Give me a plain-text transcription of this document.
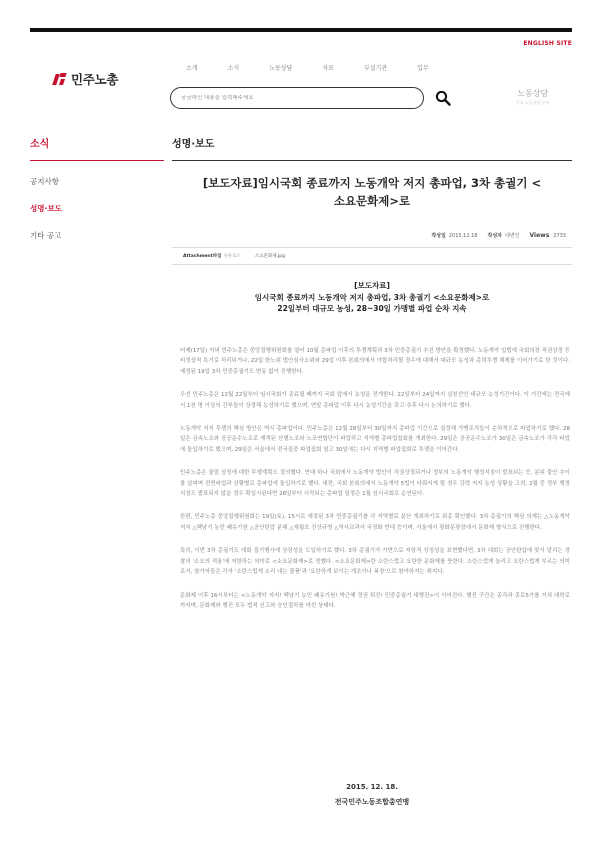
ENGLISH SITE
민주노총
소개	소식	노동상담	자료	부설기관	입무
궁금하신 내용을 입력해주세요
노동상담
무료 노동상담 문의
소식
공지사항
성명·보도
기타 공고
성명·보도
[보도자료]임시국회 종료까지 노동개악 저지 총파업, 3차 총궐기 <
소요문화제>로
작성일 2015.12.18 작성자 대변인 Views 2733
Attachment파일 다운로드	소요문화제.jpg
[보도자료]
임시국회 종료까지 노동개악 저지 총파업, 3차 총궐기 <소요문화제>로
22일부터 대규모 농성, 28~30일 가맹별 파업 순차 지속

어제(17일) 저녁 민주노총은 중앙집행위원회를 열어 10월 총파업 이후의 투쟁계획과 3차 민중총궐기 추진 방안을 확정했다. 노동개악 입법에 국회의장 직권상정 등 비정상적 특기로 처리되거나, 22일 한노위 법안심사소위와 29일 이후 본회의에서 야합처리될 경우에 대해서 대규모 농성과 총력투쟁 체제를 이어가기로 한 것이다. 예정된 19일 3차 민중총궐기도 변동 없이 진행한다.

우선 민주노총은 12월 22일부터 임시국회가 종료될 때까지 국회 앞에서 농성을 전개한다. 22일부터 24일까지 실천선언 대규모 농성기간이다. 이 기간에는 전국에서 1천 명 이상의 간부들이 상경해 농성하기로 했으며, 연말 총파업 이후 다시 농성기간을 갖고 추후 다시 논의하기로 했다.

노동개악 저지 투쟁의 핵심 방안은 역시 총파업이다. 민주노총은 12월 28일부터 30일까지 총파업 기간으로 설정해 가맹조직들이 순차적으로 파업하기로 했다. 28일은 금속노조와 공공운수노조로 재적된 산별노조와 노조연합단이 파업하고 지역별 총파업집회를 개최한다. 29일은 공공운수노조가 30일은 금속노조가 각각 파업에 돌입하기로 했으며, 29일은 서울에서 전국집중 파업집회 열고 30일에는 다시 지역별 파업집회로 투쟁을 이어간다.

민주노총은 물밑 상정에 대한 투쟁계획도 결의했다. 반대 하나 국회에서 노동개악 법안이 직권상정되거나 정부의 노동개악 행정지침이 발표되는 등, 분위 불안 추이를 살피며 전면파업과 상황별로 총파업에 돌입하기로 했다. 대전, 국회 본회의에서 노동개악 5법이 다뤄지게 될 경우 강력 저지 농성 상황을 고려, 2월 중 정부 행정지침도 발표되지 않을 경우 확실시된다면 28일부터 시작되는 총파업 일정은 1월 임시국회로 순연된다.

한편, 민주노총 중앙집행위원회는 19일(토), 15시로 예정된 3차 민중총궐기를 각 지역별로 분산 개최하기로 최종 확인했다. 3차 총궐기의 핵심 의제는 △노동개악 저지 △백남기 농민 쾌유기원 △공안탄압 분쇄 △세월호 진상규명 △역사교과서 국정화 반대 등이며, 서울에서 광화문광장에서 문화제 형식으로 진행한다.

특히, 이번 3차 총궐기도 대회 집기행사에 상징성을 도입하기로 했다. 3차 총궐기가 가면으로 저항적 상징성을 표현했다면, 3차 대회는 공안탄압에 맞서 알리는 경찰의 '소요의 적용'에 저항하는 의미로 <소요문화제>로 정했다. <소요문화제>란 소란스럽고 요란한 문화제를 뜻한다. 소란스럽게 놀리고 요란스럽게 부르는 의미로서, 참가자들은 각자 '소란스럽게 소리 내는 물품'과 '요란하게 보이는 개조이나 복장'으로 참여하자는 취지다.

문화제 이후 16시부터는 <노동개악 저지! 백남기 농민 쾌유기원! 박근혜 정권 퇴진! 민중총궐기 대행진>이 이어진다. 행진 구간은 종각과 종로5가를 거쳐 대학로까지며, 문화제와 행진 모두 법적 신고와 승인절차를 마친 상태다.

2015. 12. 18.
전국민주노동조합총연맹
